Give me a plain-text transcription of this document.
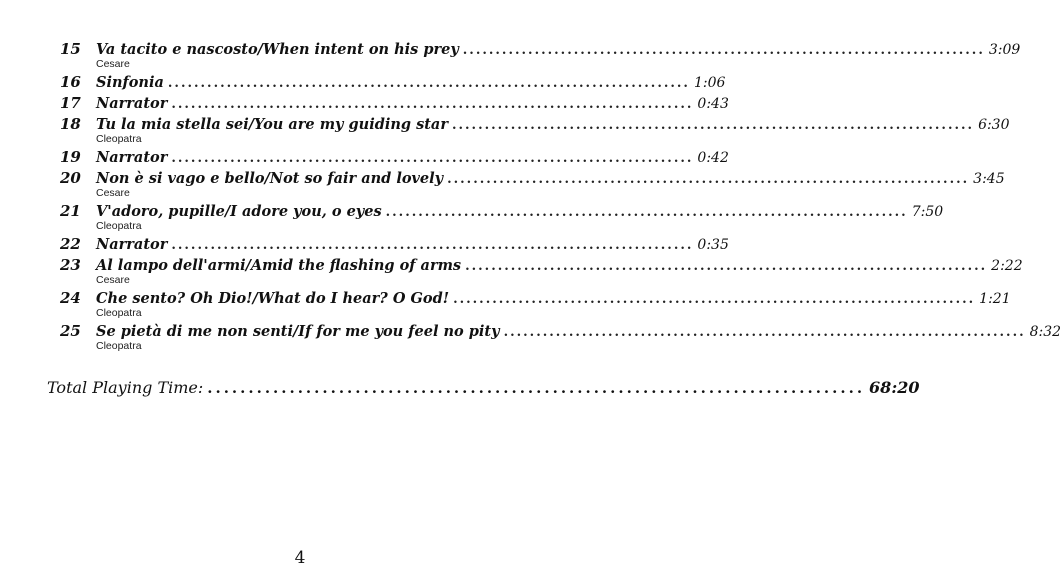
15	Va tacito e nascosto/When intent on his prey ................................................................................ 3:09
Cesare
16	Sinfonia ................................................................................ 1:06
17	Narrator ................................................................................ 0:43
18	Tu la mia stella sei/You are my guiding star ................................................................................ 6:30
Cleopatra
19	Narrator ................................................................................ 0:42
20	Non è si vago e bello/Not so fair and lovely ................................................................................ 3:45
Cesare
21	V'adoro, pupille/I adore you, o eyes ................................................................................ 7:50
Cleopatra
22	Narrator ................................................................................ 0:35
23	Al lampo dell'armi/Amid the flashing of arms ................................................................................ 2:22
Cesare
24	Che sento? Oh Dio!/What do I hear? O God! ................................................................................ 1:21
Cleopatra
25	Se pietà di me non senti/If for me you feel no pity ................................................................................ 8:32
Cleopatra
Total Playing Time: ................................................................................ 68:20
4
